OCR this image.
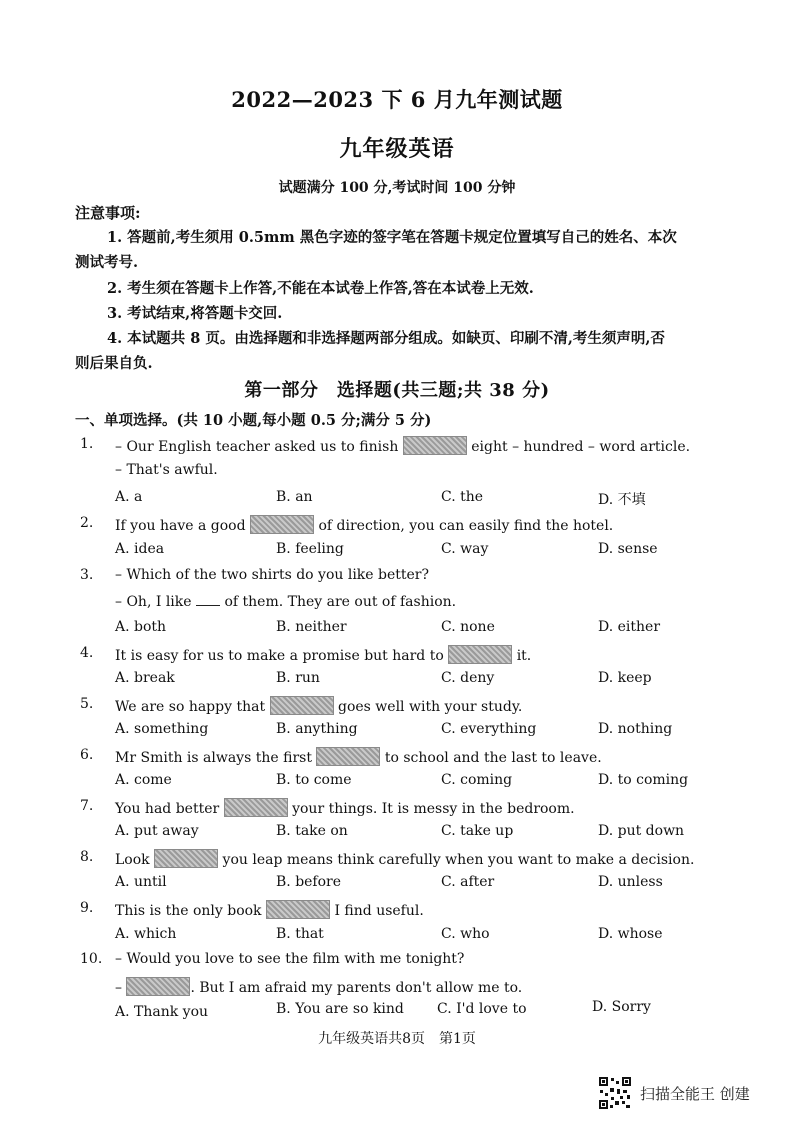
2022—2023 下 6 月九年测试题
九年级英语
试题满分 100 分,考试时间 100 分钟
注意事项:
1. 答题前,考生须用 0.5mm 黑色字迹的签字笔在答题卡规定位置填写自己的姓名、本次
测试考号.
2. 考生须在答题卡上作答,不能在本试卷上作答,答在本试卷上无效.
3. 考试结束,将答题卡交回.
4. 本试题共 8 页。由选择题和非选择题两部分组成。如缺页、印刷不清,考生须声明,否
则后果自负.
第一部分　选择题(共三题;共 38 分)
一、单项选择。(共 10 小题,每小题 0.5 分;满分 5 分)
1. – Our English teacher asked us to finish	eight – hundred – word article.
– That's awful.
A. a	B. an	C. the	D. 不填
2. If you have a good	of direction, you can easily find the hotel.
A. idea	B. feeling	C. way	D. sense
3. – Which of the two shirts do you like better?
– Oh, I like of them. They are out of fashion.
A. both	B. neither	C. none	D. either
4. It is easy for us to make a promise but hard to	it.
A. break	B. run	C. deny	D. keep
5. We are so happy that	goes well with your study.
A. something	B. anything	C. everything	D. nothing
6. Mr Smith is always the first	to school and the last to leave.
A. come	B. to come	C. coming	D. to coming
7. You had better	your things. It is messy in the bedroom.
A. put away	B. take on	C. take up	D. put down
8. Look	you leap means think carefully when you want to make a decision.
A. until	B. before	C. after	D. unless
9. This is the only book	I find useful.
A. which	B. that	C. who	D. whose
10. – Would you love to see the film with me tonight?
–	. But I am afraid my parents don't allow me to.
A. Thank you	B. You are so kind C. I'd love to	D. Sorry
九年级英语共8页　第1页
扫描全能王 创建
